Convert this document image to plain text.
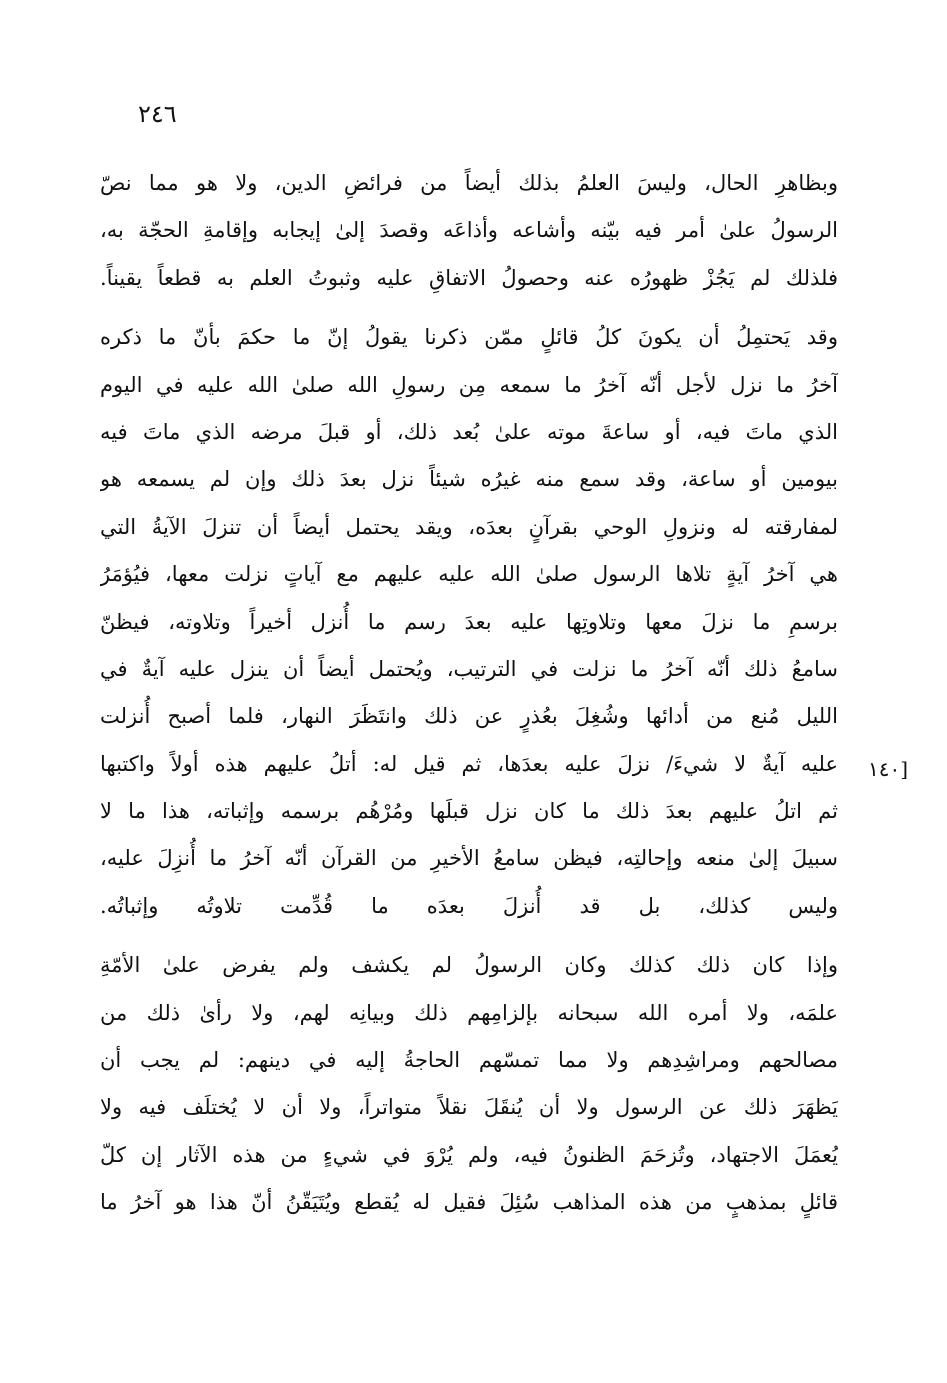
٢٤٦
[١٤٠
وبظاهرِ الحال، وليسَ العلمُ بذلك أيضاً من فرائضِ الدين، ولا هو مما نصّ
الرسولُ علىٰ أمر فيه بيّنه وأشاعه وأذاعَه وقصدَ إلىٰ إيجابه وإقامةِ الحجّة به،
فلذلك لم يَجُزْ ظهورُه عنه وحصولُ الاتفاقِ عليه وثبوتُ العلم به قطعاً يقيناً.
وقد يَحتمِلُ أن يكونَ كلُ قائلٍ ممّن ذكرنا يقولُ إنّ ما حكمَ بأنّ ما ذكره
آخرُ ما نزل لأجل أنّه آخرُ ما سمعه مِن رسولِ الله صلىٰ الله عليه في اليوم
الذي ماتَ فيه، أو ساعةَ موته علىٰ بُعد ذلك، أو قبلَ مرضه الذي ماتَ فيه
بيومين أو ساعة، وقد سمع منه غيرُه شيئاً نزل بعدَ ذلك وإن لم يسمعه هو
لمفارقته له ونزولِ الوحي بقرآنٍ بعدَه، ويقد يحتمل أيضاً أن تنزلَ الآيةُ التي
هي آخرُ آيةٍ تلاها الرسول صلىٰ الله عليه عليهم مع آياتٍ نزلت معها، فيُؤمَرُ
برسمِ ما نزلَ معها وتلاوتِها عليه بعدَ رسم ما أُنزل أخيراً وتلاوته، فيظنّ
سامعُ ذلك أنّه آخرُ ما نزلت في الترتيب، ويُحتمل أيضاً أن ينزل عليه آيةٌ في
الليل مُنع من أدائها وشُغِلَ بعُذرٍ عن ذلك وانتَظَرَ النهار، فلما أصبح أُنزلت
عليه آيةٌ لا شيءَ/ نزلَ عليه بعدَها، ثم قيل له: أتلُ عليهم هذه أولاً واكتبها
ثم اتلُ عليهم بعدَ ذلك ما كان نزل قبلَها ومُرْهُم برسمه وإثباته، هذا ما لا
سبيلَ إلىٰ منعه وإحالتِه، فيظن سامعُ الأخيرِ من القرآن أنّه آخرُ ما أُنزِلَ عليه،
وليس كذلك، بل قد أُنزلَ بعدَه ما قُدِّمت تلاوتُه وإثباتُه.
وإذا كان ذلك كذلك وكان الرسولُ لم يكشف ولم يفرض علىٰ الأمّةِ
علمَه، ولا أمره الله سبحانه بإلزامِهم ذلك وبيانِه لهم، ولا رأىٰ ذلك من
مصالحهم ومراشِدِهم ولا مما تمسّهم الحاجةُ إليه في دينهم: لم يجب أن
يَظهَرَ ذلك عن الرسول ولا أن يُنقَلَ نقلاً متواتراً، ولا أن لا يُختلَف فيه ولا
يُعمَلَ الاجتهاد، وتُزحَمَ الظنونُ فيه، ولم يُرْوَ في شيءٍ من هذه الآثار إن كلّ
قائلٍ بمذهبٍ من هذه المذاهب سُئِلَ فقيل له يُقطع ويُتَيَقّنُ أنّ هذا هو آخرُ ما
